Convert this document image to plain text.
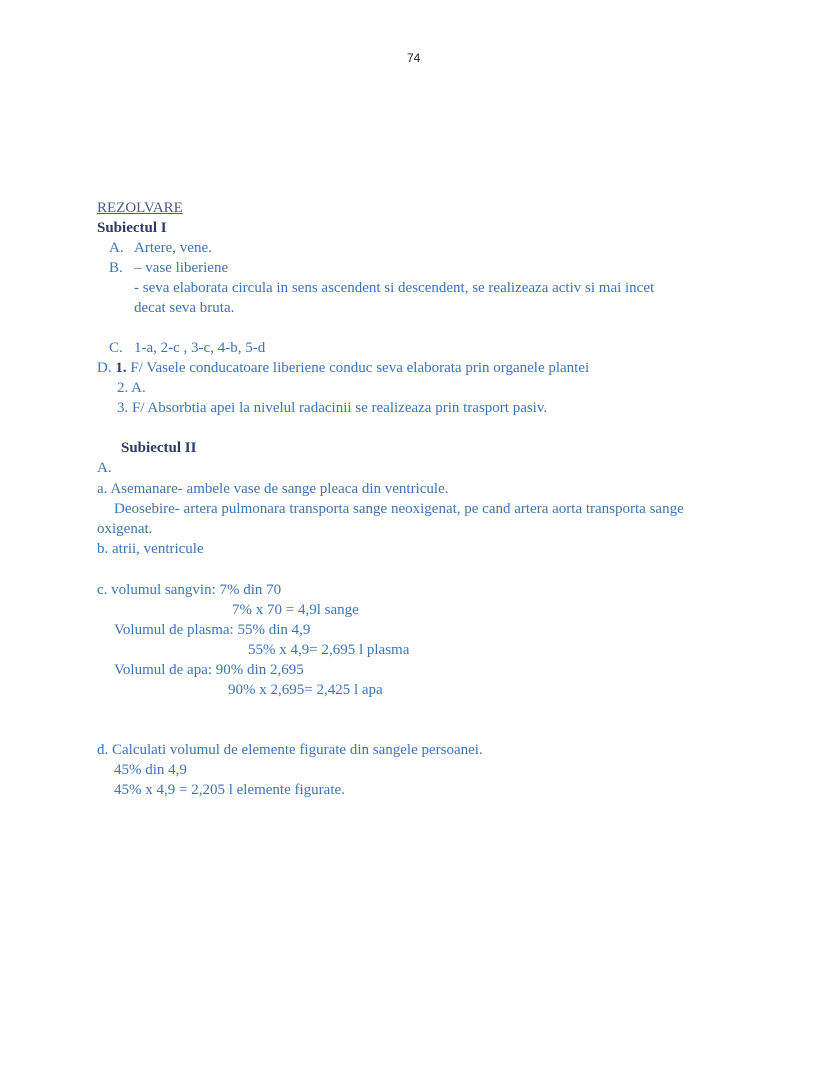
74
REZOLVARE
Subiectul I
A. Artere, vene.
B. – vase liberiene
- seva elaborata circula in sens ascendent si descendent, se realizeaza activ si mai incet
decat seva bruta.
C. 1-a, 2-c , 3-c, 4-b, 5-d
D. 1. F/ Vasele conducatoare liberiene conduc seva elaborata prin organele plantei
2. A.
3. F/ Absorbtia apei la nivelul radacinii se realizeaza prin trasport pasiv.
Subiectul II
A.
a. Asemanare- ambele vase de sange pleaca din ventricule.
Deosebire- artera pulmonara transporta sange neoxigenat, pe cand artera aorta transporta sange
oxigenat.
b. atrii, ventricule
c. volumul sangvin: 7% din 70
7% x 70 = 4,9l sange
Volumul de plasma: 55% din 4,9
55% x 4,9= 2,695 l plasma
Volumul de apa: 90% din 2,695
90% x 2,695= 2,425 l apa
d. Calculati volumul de elemente figurate din sangele persoanei.
45% din 4,9
45% x 4,9 = 2,205 l elemente figurate.
